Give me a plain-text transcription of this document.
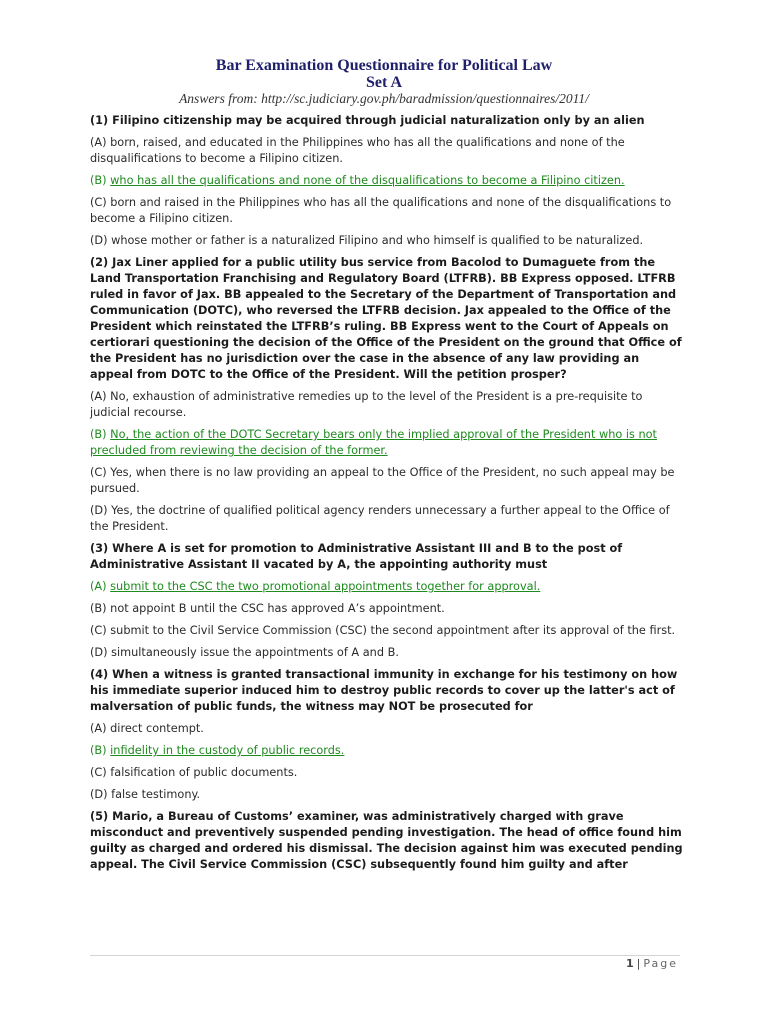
Bar Examination Questionnaire for Political Law
Set A
Answers from: http://sc.judiciary.gov.ph/baradmission/questionnaires/2011/

(1) Filipino citizenship may be acquired through judicial naturalization only by an alien

(A) born, raised, and educated in the Philippines who has all the qualifications and none of the disqualifications to become a Filipino citizen.

(B) who has all the qualifications and none of the disqualifications to become a Filipino citizen.

(C) born and raised in the Philippines who has all the qualifications and none of the disqualifications to become a Filipino citizen.

(D) whose mother or father is a naturalized Filipino and who himself is qualified to be naturalized.

(2) Jax Liner applied for a public utility bus service from Bacolod to Dumaguete from the Land Transportation Franchising and Regulatory Board (LTFRB). BB Express opposed. LTFRB ruled in favor of Jax. BB appealed to the Secretary of the Department of Transportation and Communication (DOTC), who reversed the LTFRB decision. Jax appealed to the Office of the President which reinstated the LTFRB’s ruling. BB Express went to the Court of Appeals on certiorari questioning the decision of the Office of the President on the ground that Office of the President has no jurisdiction over the case in the absence of any law providing an appeal from DOTC to the Office of the President. Will the petition prosper?

(A) No, exhaustion of administrative remedies up to the level of the President is a pre-requisite to judicial recourse.

(B) No, the action of the DOTC Secretary bears only the implied approval of the President who is not precluded from reviewing the decision of the former.

(C) Yes, when there is no law providing an appeal to the Office of the President, no such appeal may be pursued.

(D) Yes, the doctrine of qualified political agency renders unnecessary a further appeal to the Office of the President.

(3) Where A is set for promotion to Administrative Assistant III and B to the post of Administrative Assistant II vacated by A, the appointing authority must

(A) submit to the CSC the two promotional appointments together for approval.

(B) not appoint B until the CSC has approved A’s appointment.

(C) submit to the Civil Service Commission (CSC) the second appointment after its approval of the first.

(D) simultaneously issue the appointments of A and B.

(4) When a witness is granted transactional immunity in exchange for his testimony on how his immediate superior induced him to destroy public records to cover up the latter's act of malversation of public funds, the witness may NOT be prosecuted for

(A) direct contempt.

(B) infidelity in the custody of public records.

(C) falsification of public documents.

(D) false testimony.

(5) Mario, a Bureau of Customs’ examiner, was administratively charged with grave misconduct and preventively suspended pending investigation. The head of office found him guilty as charged and ordered his dismissal. The decision against him was executed pending appeal. The Civil Service Commission (CSC) subsequently found him guilty and after

1 | Page
